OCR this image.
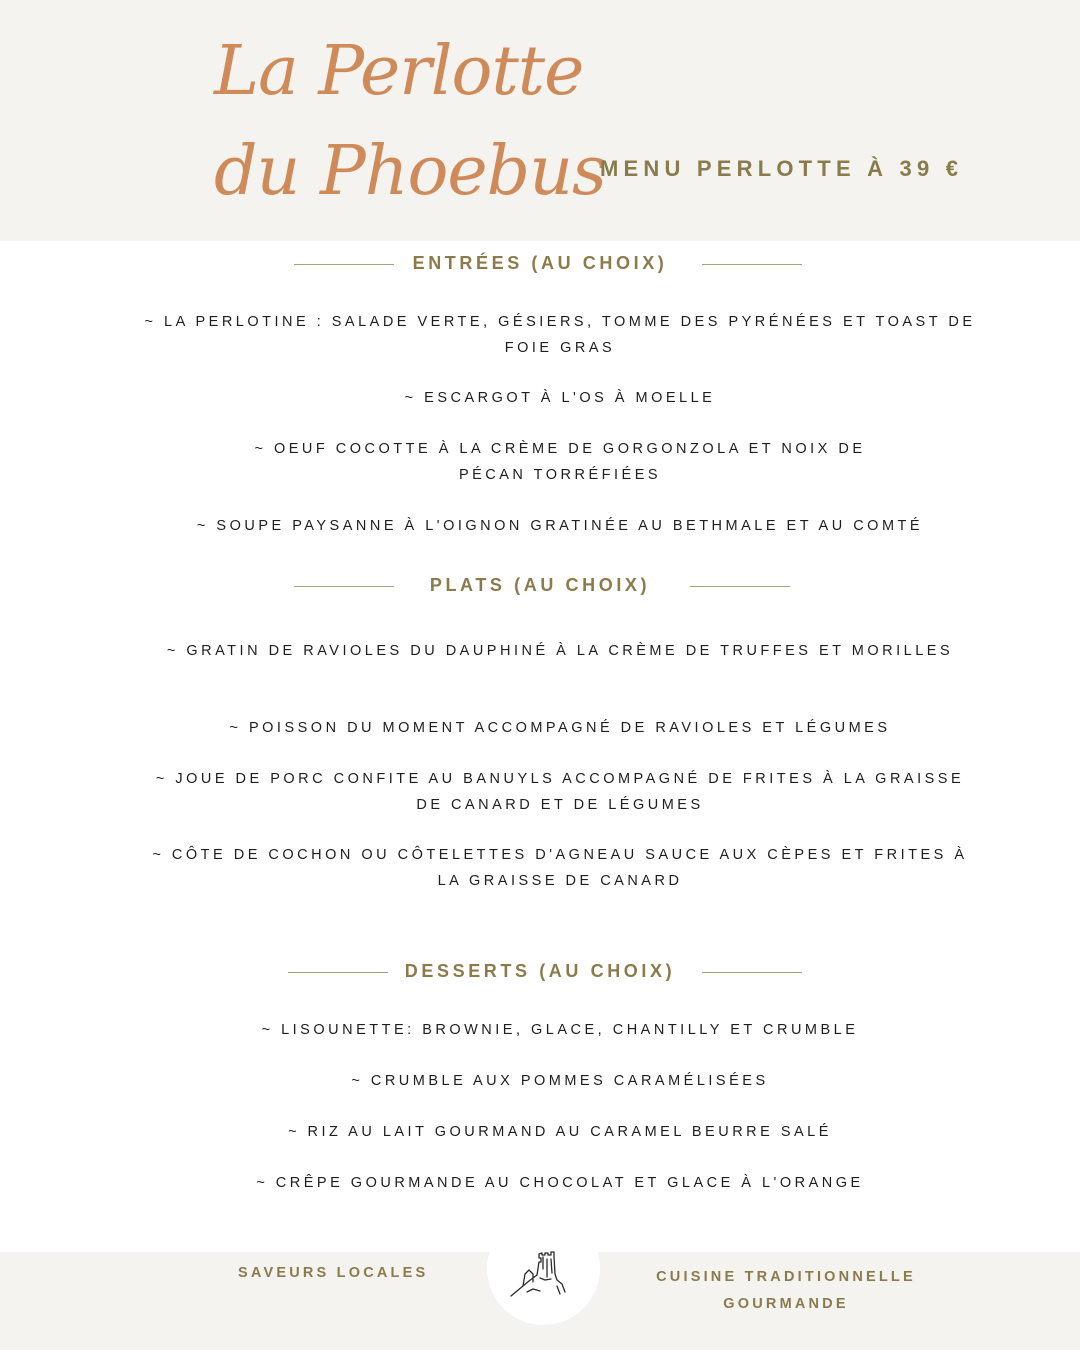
La Perlotte
du Phoebus
MENU PERLOTTE À 39 €
ENTRÉES (AU CHOIX)
~ LA PERLOTINE : SALADE VERTE, GÉSIERS, TOMME DES PYRÉNÉES ET TOAST DE FOIE GRAS
~ ESCARGOT À L'OS À MOELLE
~ OEUF COCOTTE À LA CRÈME DE GORGONZOLA ET NOIX DE PÉCAN TORRÉFIÉES
~ SOUPE PAYSANNE À L'OIGNON GRATINÉE AU BETHMALE ET AU COMTÉ
PLATS (AU CHOIX)
~ GRATIN DE RAVIOLES DU DAUPHINÉ À LA CRÈME DE TRUFFES ET MORILLES
~ POISSON DU MOMENT ACCOMPAGNÉ DE RAVIOLES ET LÉGUMES
~ JOUE DE PORC CONFITE AU BANUYLS ACCOMPAGNÉ DE FRITES À LA GRAISSE DE CANARD ET DE LÉGUMES
~ CÔTE DE COCHON OU CÔTELETTES D'AGNEAU SAUCE AUX CÈPES ET FRITES À LA GRAISSE DE CANARD
DESSERTS (AU CHOIX)
~ LISOUNETTE: BROWNIE, GLACE, CHANTILLY ET CRUMBLE
~ CRUMBLE AUX POMMES CARAMÉLISÉES
~ RIZ AU LAIT GOURMAND AU CARAMEL BEURRE SALÉ
~ CRÊPE GOURMANDE AU CHOCOLAT ET GLACE À L'ORANGE
SAVEURS LOCALES	CUISINE TRADITIONNELLE
GOURMANDE
